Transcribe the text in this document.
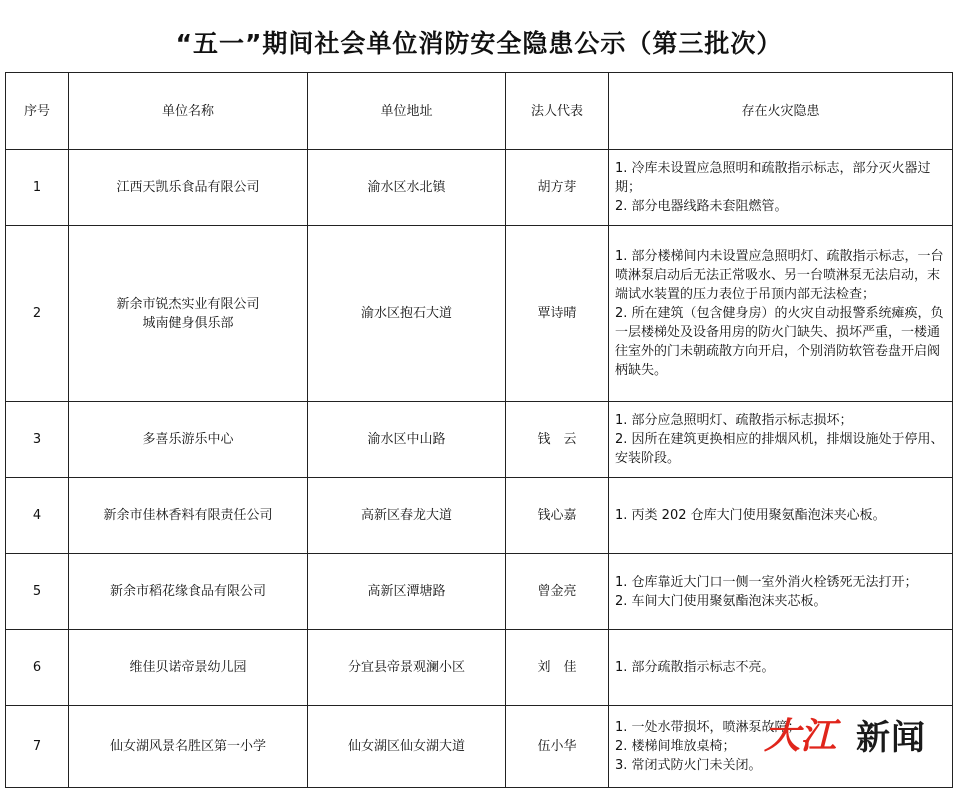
“五一”期间社会单位消防安全隐患公示（第三批次）
序号	单位名称	单位地址	法人代表	存在火灾隐患
1	江西天凯乐食品有限公司	渝水区水北镇	胡方芽	1. 冷库未设置应急照明和疏散指示标志，部分灭火器过期；
2. 部分电器线路未套阻燃管。

2	新余市锐杰实业有限公司
城南健身俱乐部	渝水区抱石大道	覃诗晴	1. 部分楼梯间内未设置应急照明灯、疏散指示标志，一台喷淋泵启动后无法正常吸水、另一台喷淋泵无法启动，末端试水装置的压力表位于吊顶内部无法检查；
2. 所在建筑（包含健身房）的火灾自动报警系统瘫痪，负一层楼梯处及设备用房的防火门缺失、损坏严重，一楼通往室外的门未朝疏散方向开启，个别消防软管卷盘开启阀柄缺失。

3	多喜乐游乐中心	渝水区中山路	钱　云	1. 部分应急照明灯、疏散指示标志损坏；
2. 因所在建筑更换相应的排烟风机，排烟设施处于停用、安装阶段。

4	新余市佳林香料有限责任公司	高新区春龙大道	钱心嘉	1. 丙类 202 仓库大门使用聚氨酯泡沫夹心板。

5	新余市稻花缘食品有限公司	高新区潭塘路	曾金亮	1. 仓库靠近大门口一侧一室外消火栓锈死无法打开；
2. 车间大门使用聚氨酯泡沫夹芯板。

6	维佳贝诺帝景幼儿园	分宜县帝景观澜小区	刘　佳	1. 部分疏散指示标志不亮。

7	仙女湖风景名胜区第一小学	仙女湖区仙女湖大道	伍小华	1. 一处水带损坏，喷淋泵故障；
2. 楼梯间堆放桌椅；
3. 常闭式防火门未关闭。
大江 新闻
